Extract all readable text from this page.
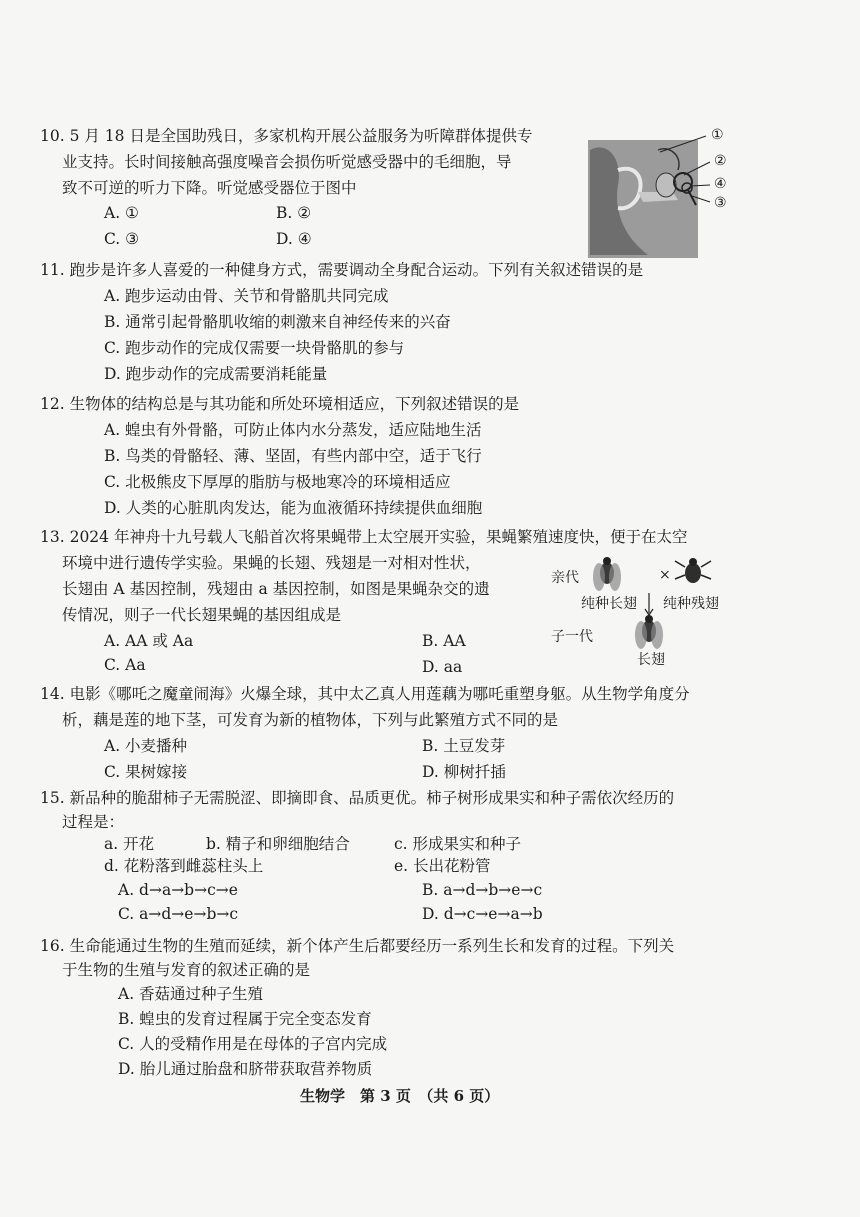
10. 5 月 18 日是全国助残日，多家机构开展公益服务为听障群体提供专
业支持。长时间接触高强度噪音会损伤听觉感受器中的毛细胞，导
致不可逆的听力下降。听觉感受器位于图中
A. ①	B. ②
C. ③	D. ④
①
②
④
③
11. 跑步是许多人喜爱的一种健身方式，需要调动全身配合运动。下列有关叙述错误的是
A. 跑步运动由骨、关节和骨骼肌共同完成
B. 通常引起骨骼肌收缩的刺激来自神经传来的兴奋
C. 跑步动作的完成仅需要一块骨骼肌的参与
D. 跑步动作的完成需要消耗能量
12. 生物体的结构总是与其功能和所处环境相适应，下列叙述错误的是
A. 蝗虫有外骨骼，可防止体内水分蒸发，适应陆地生活
B. 鸟类的骨骼轻、薄、坚固，有些内部中空，适于飞行
C. 北极熊皮下厚厚的脂肪与极地寒冷的环境相适应
D. 人类的心脏肌肉发达，能为血液循环持续提供血细胞
13. 2024 年神舟十九号载人飞船首次将果蝇带上太空展开实验，果蝇繁殖速度快，便于在太空
环境中进行遗传学实验。果蝇的长翅、残翅是一对相对性状，
长翅由 A 基因控制，残翅由 a 基因控制，如图是果蝇杂交的遗
传情况，则子一代长翅果蝇的基因组成是
A. AA 或 Aa	B. AA
C. Aa	D. aa
×
亲代
纯种长翅 纯种残翅
子一代
长翅
14. 电影《哪吒之魔童闹海》火爆全球，其中太乙真人用莲藕为哪吒重塑身躯。从生物学角度分
析，藕是莲的地下茎，可发育为新的植物体，下列与此繁殖方式不同的是
A. 小麦播种	B. 土豆发芽
C. 果树嫁接	D. 柳树扦插
15. 新品种的脆甜柿子无需脱涩、即摘即食、品质更优。柿子树形成果实和种子需依次经历的
过程是：
a. 开花	b. 精子和卵细胞结合	c. 形成果实和种子
d. 花粉落到雌蕊柱头上	e. 长出花粉管
A. d→a→b→c→e	B. a→d→b→e→c
C. a→d→e→b→c	D. d→c→e→a→b
16. 生命能通过生物的生殖而延续，新个体产生后都要经历一系列生长和发育的过程。下列关
于生物的生殖与发育的叙述正确的是
A. 香菇通过种子生殖
B. 蝗虫的发育过程属于完全变态发育
C. 人的受精作用是在母体的子宫内完成
D. 胎儿通过胎盘和脐带获取营养物质
生物学　第 3 页　（共 6 页）
